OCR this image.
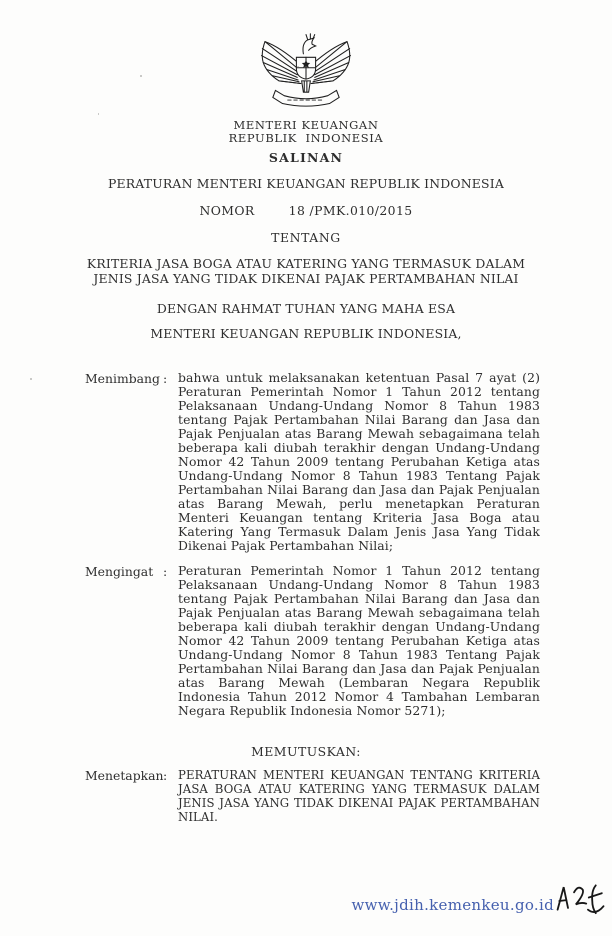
MENTERI KEUANGAN
REPUBLIK  INDONESIA
SALINAN
PERATURAN MENTERI KEUANGAN REPUBLIK INDONESIA
NOMOR	18 /PMK.010/2015
TENTANG
KRITERIA JASA BOGA ATAU KATERING YANG TERMASUK DALAM
JENIS JASA YANG TIDAK DIKENAI PAJAK PERTAMBAHAN NILAI
DENGAN RAHMAT TUHAN YANG MAHA ESA
MENTERI KEUANGAN REPUBLIK INDONESIA,
Menimbang : bahwa untuk melaksanakan ketentuan Pasal 7 ayat (2) Peraturan Pemerintah Nomor 1 Tahun 2012 tentang Pelaksanaan Undang-Undang Nomor 8 Tahun 1983 tentang Pajak Pertambahan Nilai Barang dan Jasa dan Pajak Penjualan atas Barang Mewah sebagaimana telah beberapa kali diubah terakhir dengan Undang-Undang Nomor 42 Tahun 2009 tentang Perubahan Ketiga atas Undang-Undang Nomor 8 Tahun 1983 Tentang Pajak Pertambahan Nilai Barang dan Jasa dan Pajak Penjualan atas Barang Mewah, perlu menetapkan Peraturan Menteri Keuangan tentang Kriteria Jasa Boga atau Katering Yang Termasuk Dalam Jenis Jasa Yang Tidak Dikenai Pajak Pertambahan Nilai;
Mengingat : Peraturan Pemerintah Nomor 1 Tahun 2012 tentang Pelaksanaan Undang-Undang Nomor 8 Tahun 1983 tentang Pajak Pertambahan Nilai Barang dan Jasa dan Pajak Penjualan atas Barang Mewah sebagaimana telah beberapa kali diubah terakhir dengan Undang-Undang Nomor 42 Tahun 2009 tentang Perubahan Ketiga atas Undang-Undang Nomor 8 Tahun 1983 Tentang Pajak Pertambahan Nilai Barang dan Jasa dan Pajak Penjualan atas Barang Mewah (Lembaran Negara Republik Indonesia Tahun 2012 Nomor 4 Tambahan Lembaran Negara Republik Indonesia Nomor 5271);
MEMUTUSKAN:
Menetapkan : PERATURAN MENTERI KEUANGAN TENTANG KRITERIA JASA BOGA ATAU KATERING YANG TERMASUK DALAM JENIS JASA YANG TIDAK DIKENAI PAJAK PERTAMBAHAN NILAI.
www.jdih.kemenkeu.go.id
